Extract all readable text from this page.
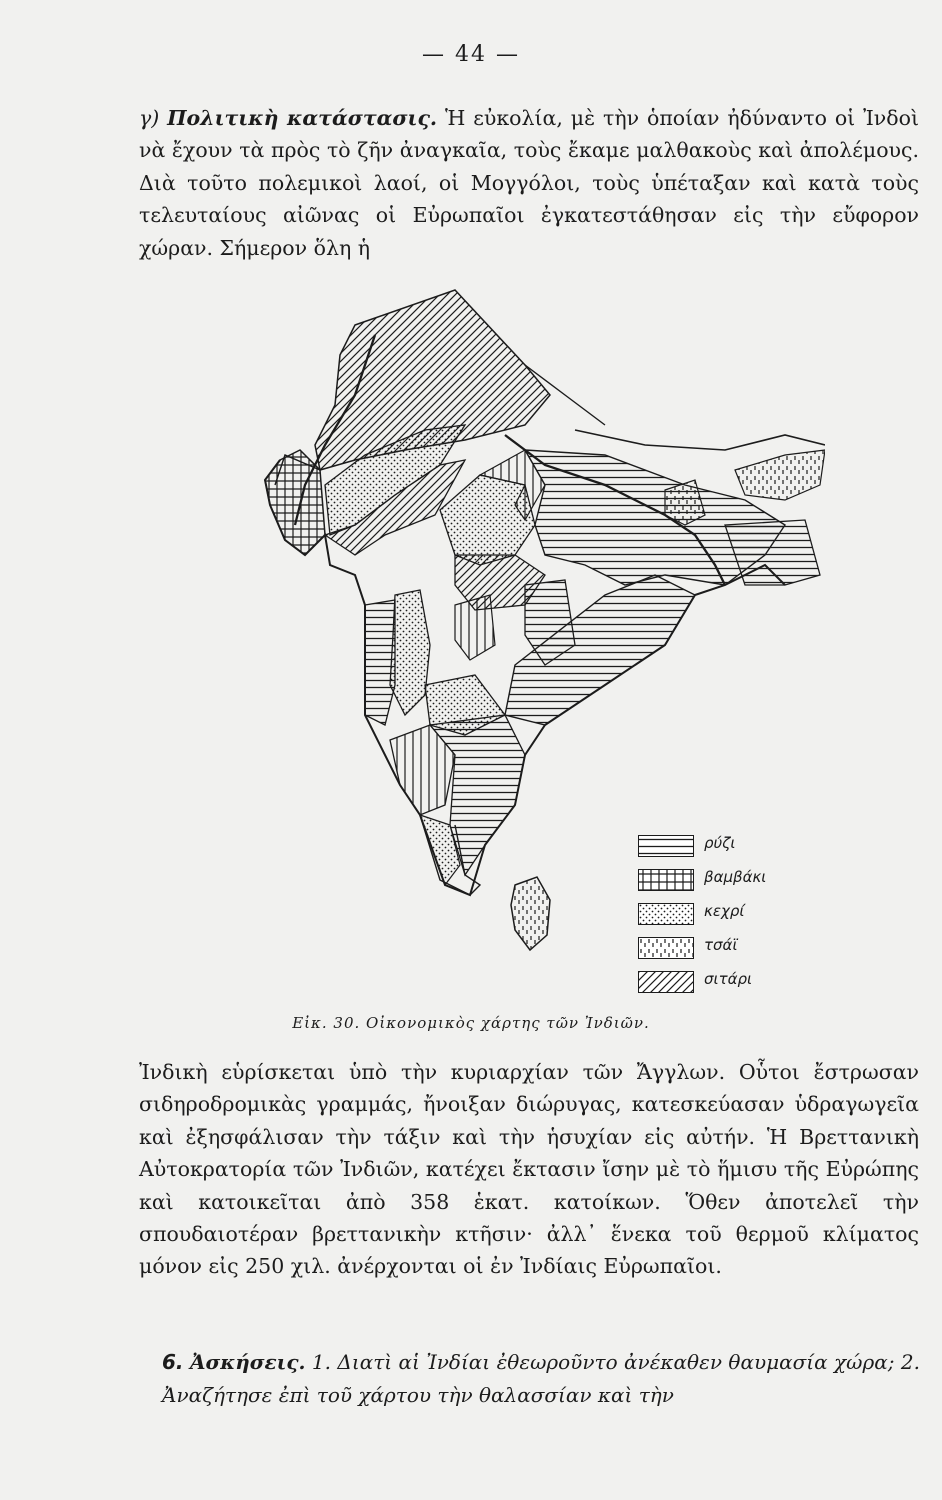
— 44 —

γ) Πολιτικὴ κατάστασις. Ἡ εὐκολία, μὲ τὴν ὁποίαν ἠδύναντο οἱ Ἰνδοὶ νὰ ἔχουν τὰ πρὸς τὸ ζῆν ἀναγκαῖα, τοὺς ἔκαμε μαλθακοὺς καὶ ἀπολέμους. Διὰ τοῦτο πολεμικοὶ λαοί, οἱ Μογγόλοι, τοὺς ὑπέταξαν καὶ κατὰ τοὺς τελευταίους αἰῶνας οἱ Εὐρωπαῖοι ἐγκατεστάθησαν εἰς τὴν εὔφορον χώραν. Σήμερον ὅλη ἡ

ρύζι
βαμβάκι
κεχρί
τσάϊ
σιτάρι
Εἰκ. 30. Οἰκονομικὸς χάρτης τῶν Ἰνδιῶν.

Ἰνδικὴ εὑρίσκεται ὑπὸ τὴν κυριαρχίαν τῶν Ἄγγλων. Οὗτοι ἔστρωσαν σιδηροδρομικὰς γραμμάς, ἤνοιξαν διώρυγας, κατεσκεύασαν ὑδραγωγεῖα καὶ ἐξησφάλισαν τὴν τάξιν καὶ τὴν ἡσυχίαν εἰς αὐτήν. Ἡ Βρεττανικὴ Αὐτοκρατορία τῶν Ἰνδιῶν, κατέχει ἔκτασιν ἴσην μὲ τὸ ἥμισυ τῆς Εὐρώπης καὶ κατοικεῖται ἀπὸ 358 ἑκατ. κατοίκων. Ὅθεν ἀποτελεῖ τὴν σπουδαιοτέραν βρεττανικὴν κτῆσιν· ἀλλ᾽ ἕνεκα τοῦ θερμοῦ κλίματος μόνον εἰς 250 χιλ. ἀνέρχονται οἱ ἐν Ἰνδίαις Εὐρωπαῖοι.

6. Ἀσκήσεις. 1. Διατὶ αἱ Ἰνδίαι ἐθεωροῦντο ἀνέκαθεν θαυμασία χώρα; 2. Ἀναζήτησε ἐπὶ τοῦ χάρτου τὴν θαλασσίαν καὶ τὴν
